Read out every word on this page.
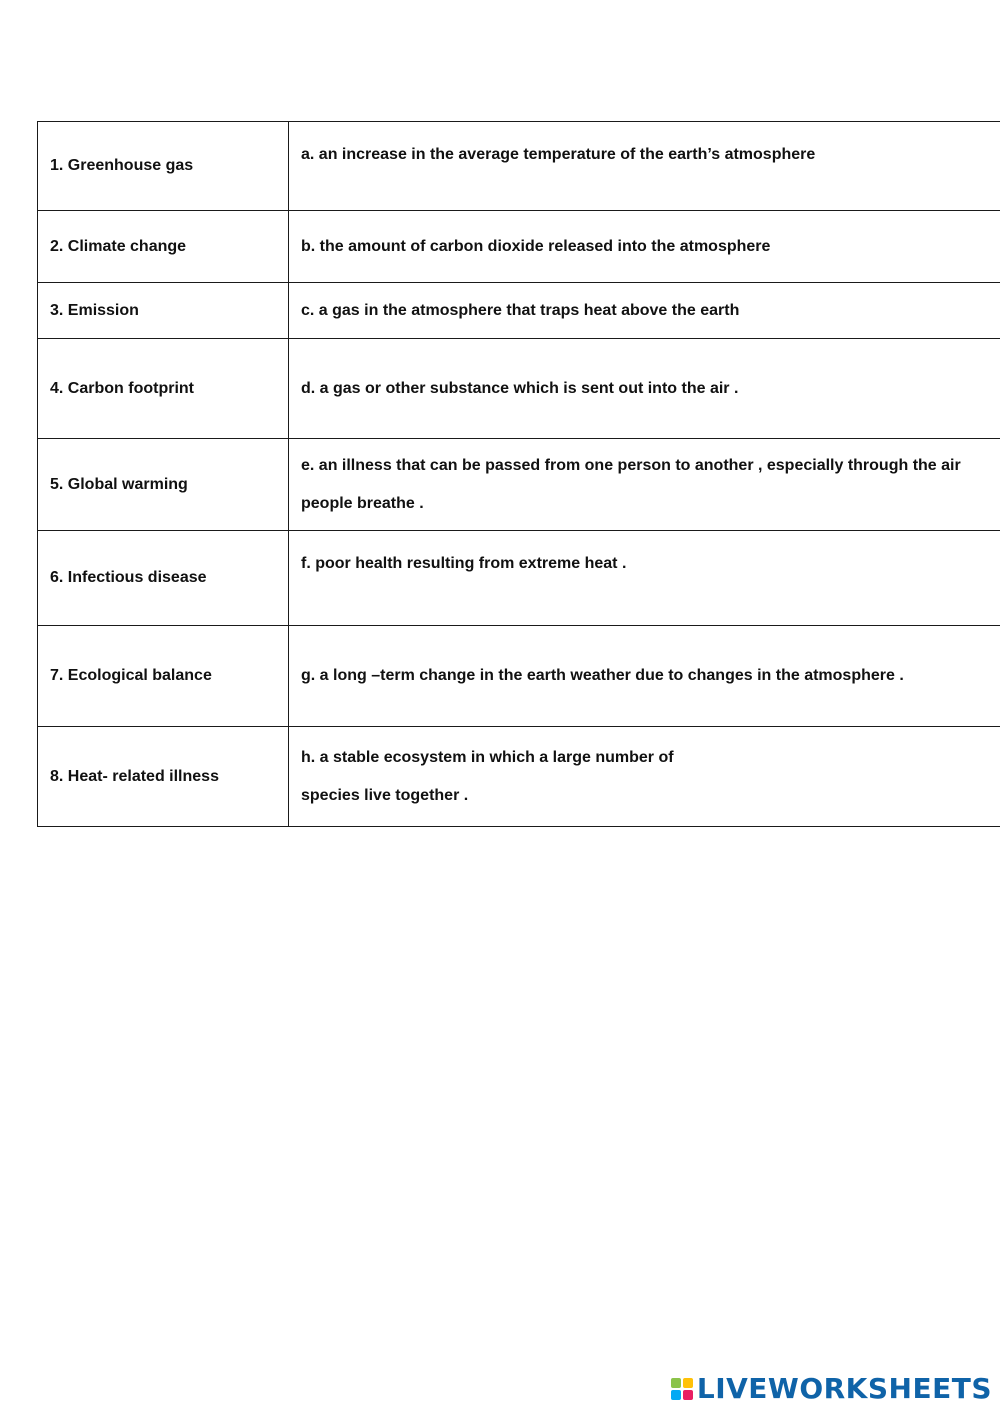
1. Greenhouse gas	a. an increase in the average temperature of the earth’s atmosphere

2. Climate change	b. the amount of carbon dioxide released into the atmosphere

3. Emission	c. a gas in the atmosphere that traps heat above the earth

4. Carbon footprint	d. a gas or other substance which is sent out into the air .

5. Global warming	e. an illness that can be passed from one person to another , especially through the air
people breathe .

6. Infectious disease	f. poor health resulting from extreme heat .

7. Ecological balance	g. a long –term change in the earth weather due to changes in the atmosphere .

8. Heat- related illness	h. a stable ecosystem in which a large number of
species live together .
LIVEWORKSHEETS
